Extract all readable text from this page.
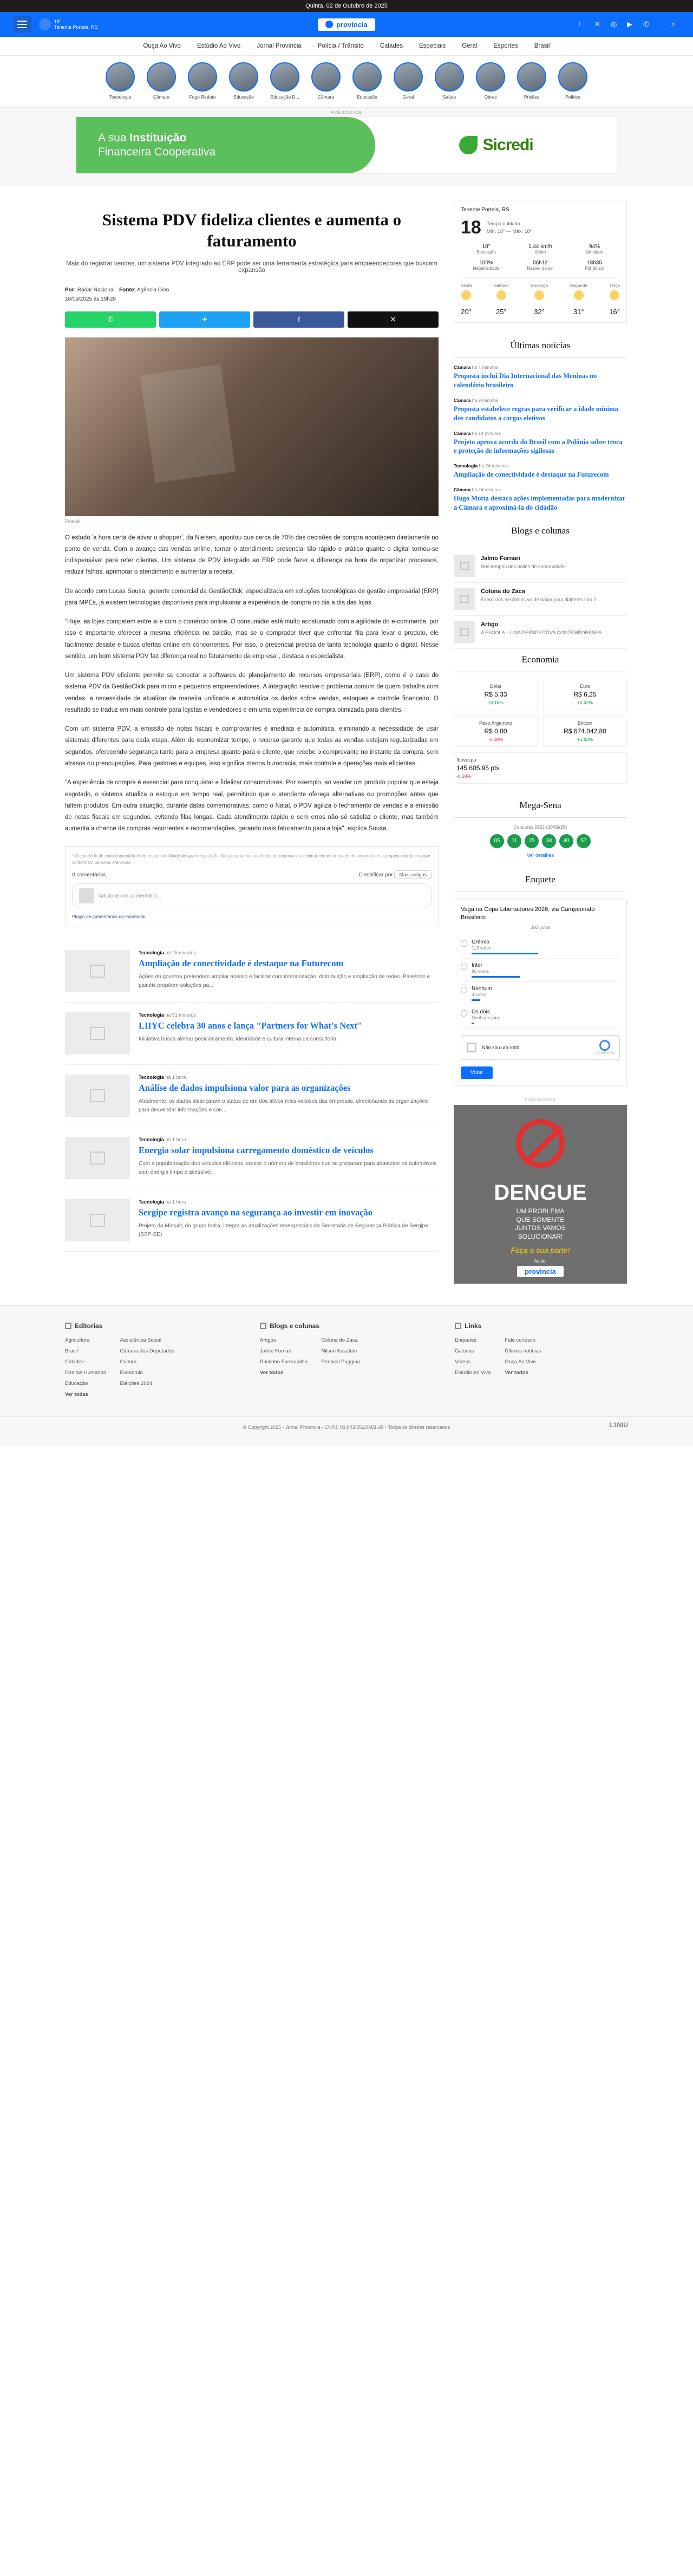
Quinta, 02 de Outubro de 2025
18°
Tenente Portela, RS	provincia	f	✕	◎	▶	✆	⌕
Ouça Ao Vivo	Estúdio Ao Vivo	Jornal Província	Polícia / Trânsito	Cidades	Especiais	Geral	Esportes	Brasil
Tecnologia	Câmara	Fogo Reduto	Educação	Educação D...	Câmara	Educação	Geral	Saúde	Obras	Prisões	Política
PUBLICIDADE
A sua Instituição
Financeira Cooperativa	Sicredi
Sistema PDV fideliza clientes e aumenta o faturamento
Mais do registrar vendas, um sistema PDV integrado ao ERP pode ser uma ferramenta estratégica para empreendedores que buscam expansão
Por: Radar Nacional Fonte: Agência Dino
18/09/2025 às 19h28
✆	✈	f	✕
Freepik

O estudo 'a hora certa de ativar o shopper', da Nielsen, apontou que cerca de 70% das decisões de compra acontecem diretamente no ponto de venda. Com o avanço das vendas online, tornar o atendimento presencial tão rápido e prático quanto o digital tornou-se indispensável para reter clientes. Um sistema de PDV integrado ao ERP pode fazer a diferença na hora de organizar processos, reduzir falhas, aprimorar o atendimento e aumentar a receita.

De acordo com Lucas Sousa, gerente comercial da GestãoClick, especializada em soluções tecnológicas de gestão empresarial (ERP) para MPEs, já existem tecnologias disponíveis para impulsionar a experiência de compra no dia a dia das lojas.

"Hoje, as lojas competem entre si e com o comércio online. O consumidor está muito acostumado com a agilidade do e-commerce, por isso é importante oferecer a mesma eficiência no balcão, mas se o comprador tiver que enfrentar fila para levar o produto, ele facilmente desiste e busca ofertas online em concorrentes. Por isso, o presencial precisa de tanta tecnologia quanto o digital. Nesse sentido, um bom sistema PDV faz diferença real no faturamento da empresa", destaca o especialista.

Um sistema PDV eficiente permite se conectar a softwares de planejamento de recursos empresariais (ERP), como é o caso do sistema PDV da GestãoClick para micro e pequenos empreendedores. A integração resolve o problema comum de quem trabalha com vendas: a necessidade de atualizar de maneira unificada e automática os dados sobre vendas, estoques e controle financeiro. O resultado se traduz em mais controle para lojistas e vendedores e em uma experiência de compra otimizada para clientes.

Com um sistema PDV, a emissão de notas fiscais e comprovantes é imediata e automática, eliminando a necessidade de usar sistemas diferentes para cada etapa. Além de economizar tempo, o recurso garante que todas as vendas estejam regularizadas em segundos, oferecendo segurança tanto para a empresa quanto para o cliente, que recebe o comprovante no instante da compra, sem atrasos ou preocupações. Para gestores e equipes, isso significa menos burocracia, mais controle e operações mais eficientes.

"A experiência de compra é essencial para conquistar e fidelizar consumidores. Por exemplo, ao vender um produto popular que esteja esgotado, o sistema atualiza o estoque em tempo real, permitindo que o atendente ofereça alternativas ou promoções antes que faltem produtos. Em outra situação, durante datas comemorativas, como o Natal, o PDV agiliza o fechamento de vendas e a emissão de notas fiscais em segundos, evitando filas longas. Cada atendimento rápido e sem erros não só satisfaz o cliente, mas também aumenta a chance de compras recorrentes e recomendações, gerando mais faturamento para a loja", explica Sousa.

* O conteúdo de cada comentário é de responsabilidade de quem registrá-lo. Nos reservamos ao direito de reprovar ou eliminar comentários em desacordo com a proposta do site ou que contenham palavras ofensivas
0 comentários	Classificar por Mais antigos
Adicione um comentário...
Plugin de comentários do Facebook
Tecnologia há 25 minutos
Ampliação de conectividade é destaque na Futurecom

Ações do governo pretendem ampliar acesso e facilitar com interiorização, distribuição e ampliação de redes. Palestras e painéis propõem soluções pa...

Tecnologia há 51 minutos
LIIYC celebra 30 anos e lança "Partners for What's Next"

Iniciativa busca alinhar posicionamento, identidade e cultura interna da consultoria.

Tecnologia há 1 hora
Análise de dados impulsiona valor para as organizações

Atualmente, os dados alcançaram o status de um dos ativos mais valiosos das empresas, direcionando as organizações para desvendar informações e con...

Tecnologia há 1 hora
Energia solar impulsiona carregamento doméstico de veículos

Com a popularização dos veículos elétricos, cresce o número de brasileiros que se preparam para abastecer os automóveis com energia limpa e acessível.

Tecnologia há 1 hora
Sergipe registra avanço na segurança ao investir em inovação

Projeto da Minsait, do grupo Indra, integra as atualizações emergenciais da Secretaria de Segurança Pública de Sergipe (SSP-SE)

Tenente Portela, RS
18 Tempo nublado
Mín. 18° — Máx. 18°
18°
Sensação
1.44 km/h
Vento
94%
Umidade
100%
Nebulosidade
06h12
Nascer do sol
18h35
Pôr do sol
Sexta
20°
Sábado
25°
Domingo
32°
Segunda
31°
Terça
16°
Últimas notícias
Câmara há 4 minutos
Proposta inclui Dia Internacional das Meninas no calendário brasileiro
Câmara há 9 minutos
Proposta estabelece regras para verificar a idade mínima dos candidatos a cargos eletivos
Câmara há 14 minutos
Projeto aprova acordo do Brasil com a Polônia sobre troca e proteção de informações sigilosas
Tecnologia há 24 minutos
Ampliação de conectividade é destaque na Futurecom
Câmara há 24 minutos
Hugo Motta destaca ações implementadas para modernizar a Câmara e aproximá-la do cidadão
Blogs e colunas
Jalmo Fornari
Nos tempos dos bailes de comunidade
Coluna do Zaca
Exercícios aeróbicos vo de baixo para diabetes tipo 2
Artigo
A ESCOLA – UMA PERSPECTIVA CONTEMPORÂNEA
Economia
Dólar
R$ 5,33
+0,18%
Euro
R$ 6,25
+0,62%
Peso Argentino
R$ 0,00
-0,00%
Bitcoin
R$ 674.042,80
+1,83%
Ibovespa
145.605,95 pts
-0,68%
Mega-Sena
Concurso 2921 (30/09/25)
05	11	25	38	40	57
Ver detalhes
Enquete
Vaga na Copa Libertadores 2026, via Campeonato Brasileiro
300 votos
Grêmio
112 votos
Inter
86 votos
Nenhum
4 votos
Os dois
Nenhum voto
Não sou um robô
reCAPTCHA
Votar
PUBLICIDADE
DENGUE
UM PROBLEMA
QUE SOMENTE
JUNTOS VAMOS
SOLUCIONAR!
Faça a sua parte!
Apoio:
provincia
Editorias
Agricultura
Brasil
Cidades
Direitos Humanos
Educação
Ver todas
Assistência Social
Câmara dos Deputados
Cultura
Economia
Eleições 2024
Blogs e colunas
Artigos
Jalmo Fornari
Paulinho Farroupilha
Ver todos
Coluna do Zaca
Nilson Kasztein
Percival Puggina
Links
Enquetes
Galerias
Vídeos
Estúdio Ao Vivo
Fale conosco
Últimas notícias
Ouça Ao Vivo
Ver todos
© Copyright 2025 - Jornal Província - CNPJ: 03.043.551/0001-20 - Todos os direitos reservados	L1NIU
